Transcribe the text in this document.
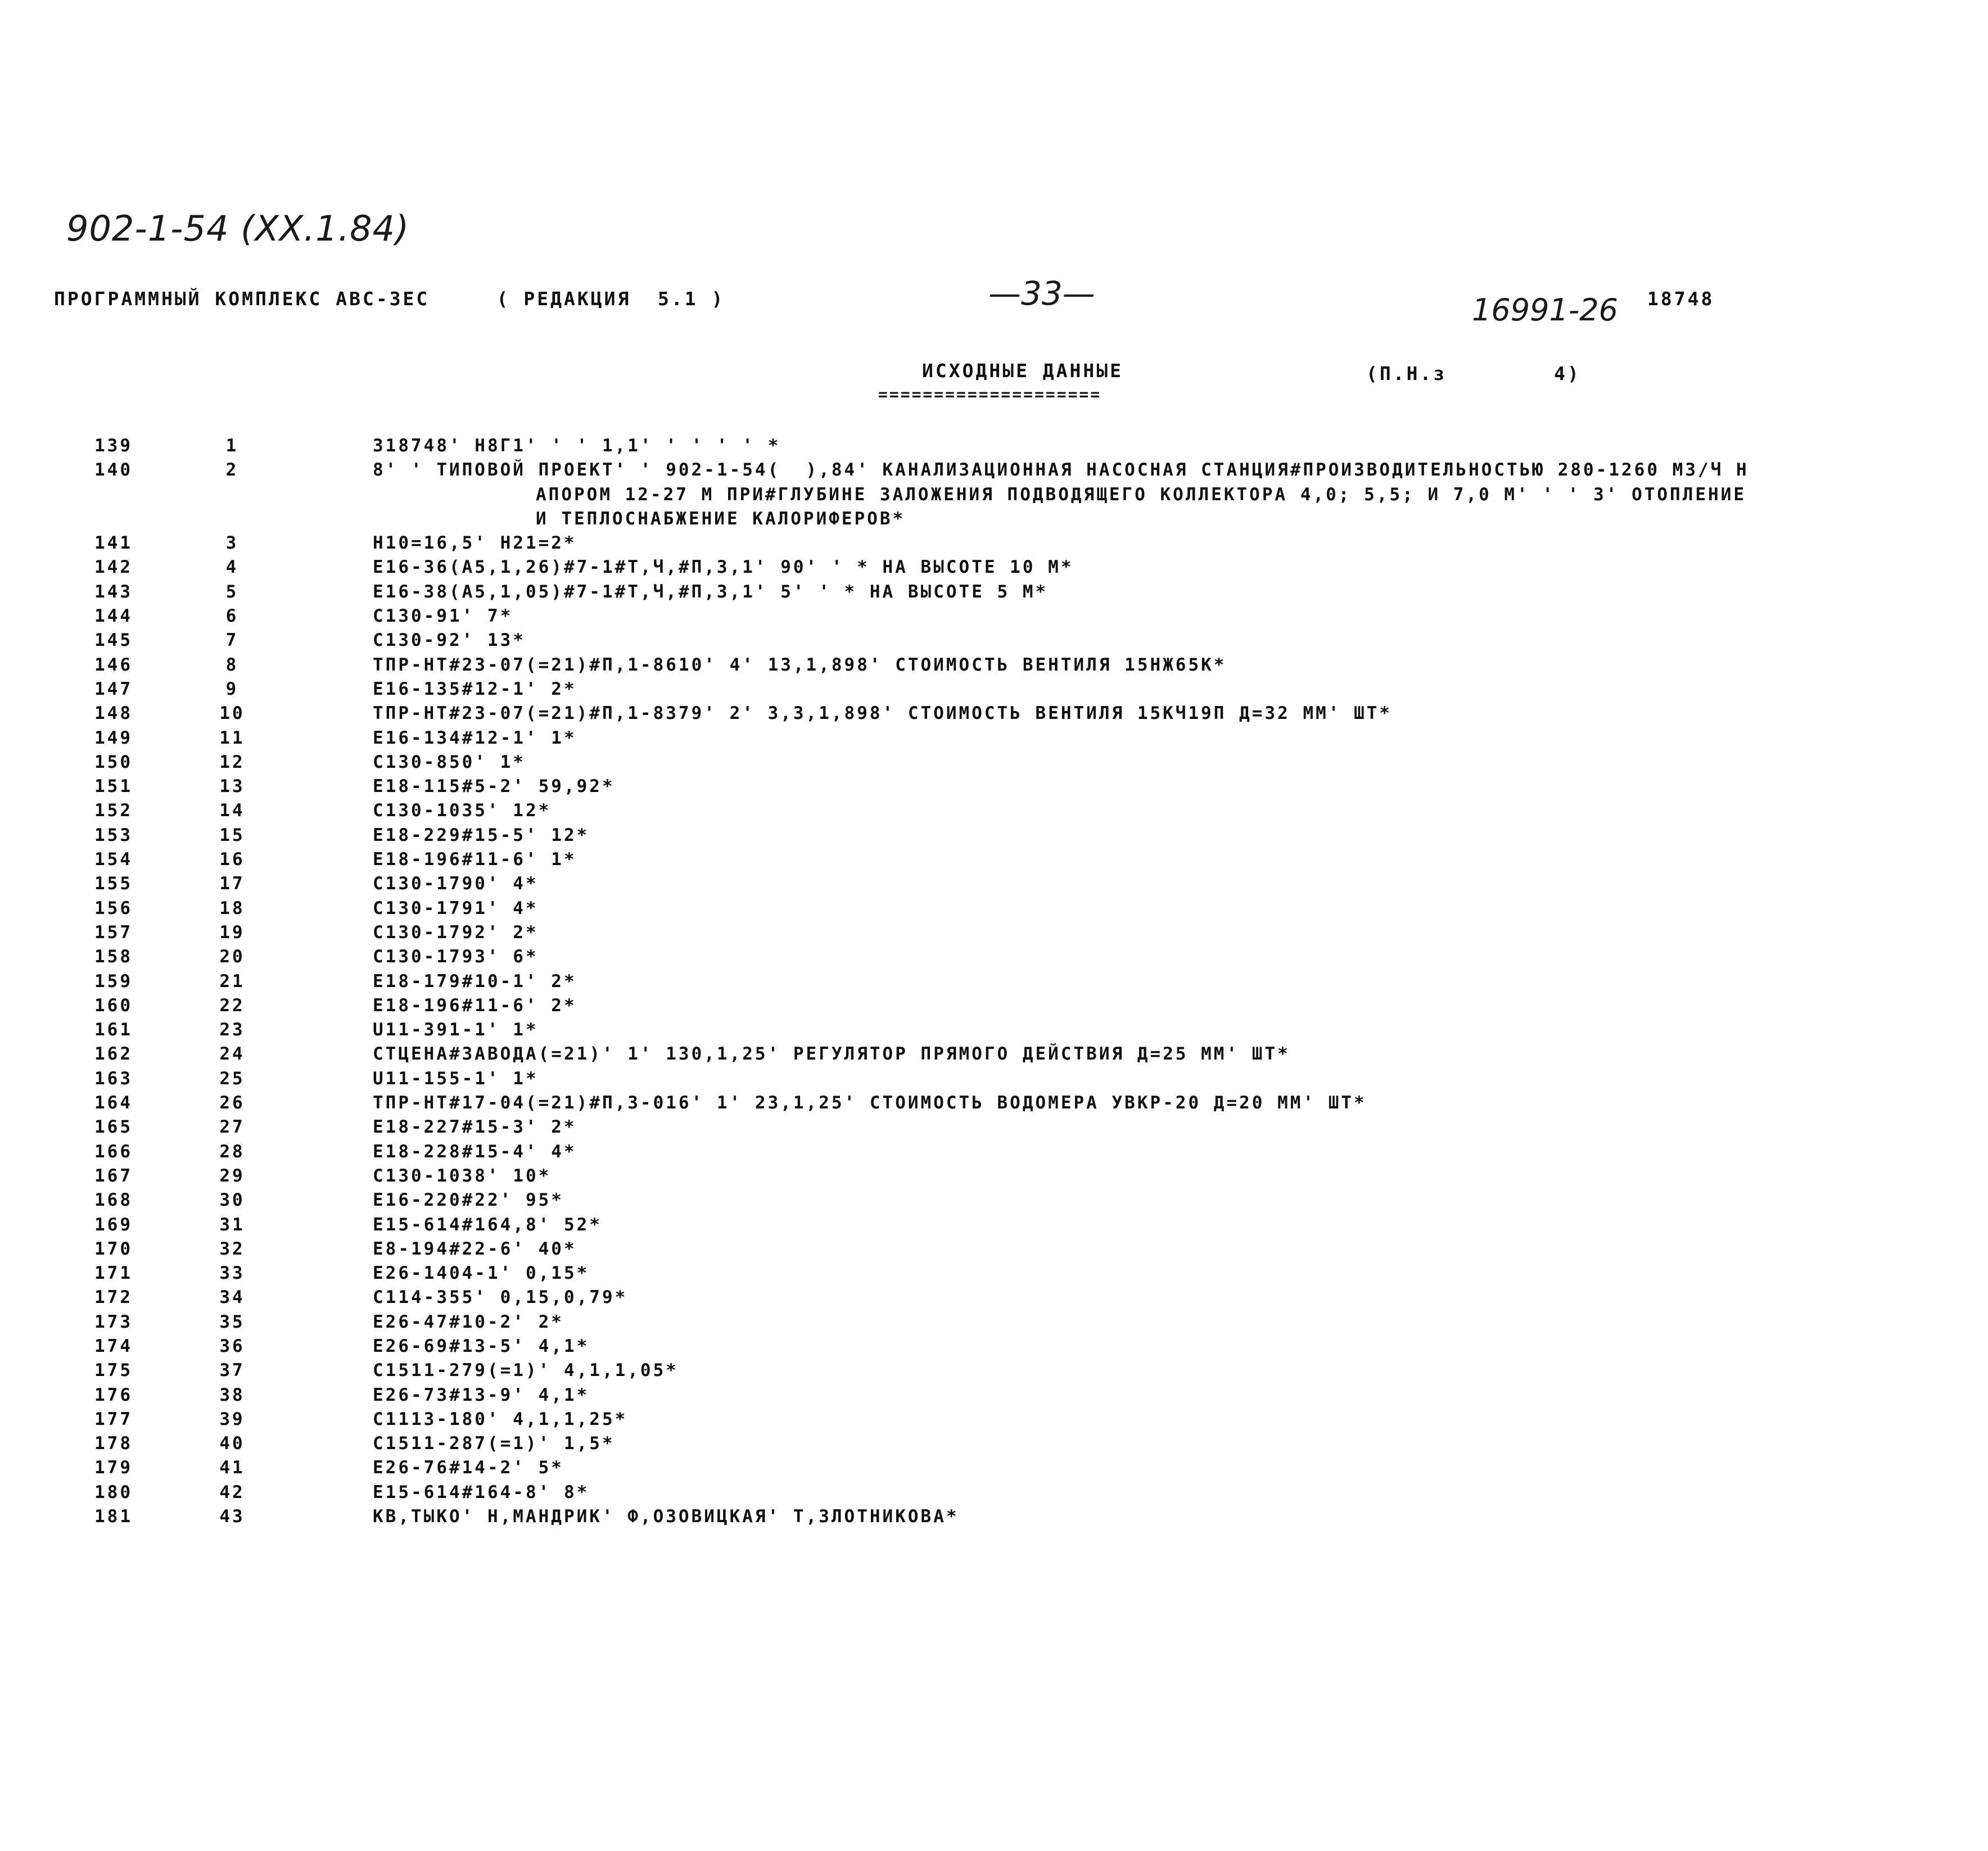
902-1-54 (XX.1.84)
—33—	16991-26
ПРОГРАММНЫЙ КОМПЛЕКС АВС-3ЕС     ( РЕДАКЦИЯ  5.1 )	18748
ИСХОДНЫЕ ДАННЫЕ	(П.Н.з        4)
====================
139	1	318748' Н8Г1' ' ' 1,1' ' ' ' ' *
140	2	8' ' ТИПОВОЙ ПРОЕКТ' ' 902-1-54(  ),84' КАНАЛИЗАЦИОННАЯ НАСОСНАЯ СТАНЦИЯ#ПРОИЗВОДИТЕЛЬНОСТЬЮ 280-1260 М3/Ч Н
АПОРОМ 12-27 М ПРИ#ГЛУБИНЕ ЗАЛОЖЕНИЯ ПОДВОДЯЩЕГО КОЛЛЕКТОРА 4,0; 5,5; И 7,0 М' ' ' 3' ОТОПЛЕНИЕ
И ТЕПЛОСНАБЖЕНИЕ КАЛОРИФЕРОВ*
141	3	Н10=16,5' Н21=2*
142	4	Е16-36(А5,1,26)#7-1#Т,Ч,#П,3,1' 90' ' * НА ВЫСОТЕ 10 М*
143	5	Е16-38(А5,1,05)#7-1#Т,Ч,#П,3,1' 5' ' * НА ВЫСОТЕ 5 М*
144	6	С130-91' 7*
145	7	С130-92' 13*
146	8	ТПР-НТ#23-07(=21)#П,1-8610' 4' 13,1,898' СТОИМОСТЬ ВЕНТИЛЯ 15НЖ65К*
147	9	Е16-135#12-1' 2*
148	10	ТПР-НТ#23-07(=21)#П,1-8379' 2' 3,3,1,898' СТОИМОСТЬ ВЕНТИЛЯ 15КЧ19П Д=32 ММ' ШТ*
149	11	Е16-134#12-1' 1*
150	12	С130-850' 1*
151	13	Е18-115#5-2' 59,92*
152	14	С130-1035' 12*
153	15	Е18-229#15-5' 12*
154	16	Е18-196#11-6' 1*
155	17	С130-1790' 4*
156	18	С130-1791' 4*
157	19	С130-1792' 2*
158	20	С130-1793' 6*
159	21	Е18-179#10-1' 2*
160	22	Е18-196#11-6' 2*
161	23	U11-391-1' 1*
162	24	СТЦЕНА#ЗАВОДА(=21)' 1' 130,1,25' РЕГУЛЯТОР ПРЯМОГО ДЕЙСТВИЯ Д=25 ММ' ШТ*
163	25	U11-155-1' 1*
164	26	ТПР-НТ#17-04(=21)#П,3-016' 1' 23,1,25' СТОИМОСТЬ ВОДОМЕРА УВКР-20 Д=20 ММ' ШТ*
165	27	Е18-227#15-3' 2*
166	28	Е18-228#15-4' 4*
167	29	С130-1038' 10*
168	30	Е16-220#22' 95*
169	31	Е15-614#164,8' 52*
170	32	Е8-194#22-6' 40*
171	33	Е26-1404-1' 0,15*
172	34	С114-355' 0,15,0,79*
173	35	Е26-47#10-2' 2*
174	36	Е26-69#13-5' 4,1*
175	37	С1511-279(=1)' 4,1,1,05*
176	38	Е26-73#13-9' 4,1*
177	39	С1113-180' 4,1,1,25*
178	40	С1511-287(=1)' 1,5*
179	41	Е26-76#14-2' 5*
180	42	Е15-614#164-8' 8*
181	43	КВ,ТЫКО' Н,МАНДРИК' Ф,ОЗОВИЦКАЯ' Т,ЗЛОТНИКОВА*
